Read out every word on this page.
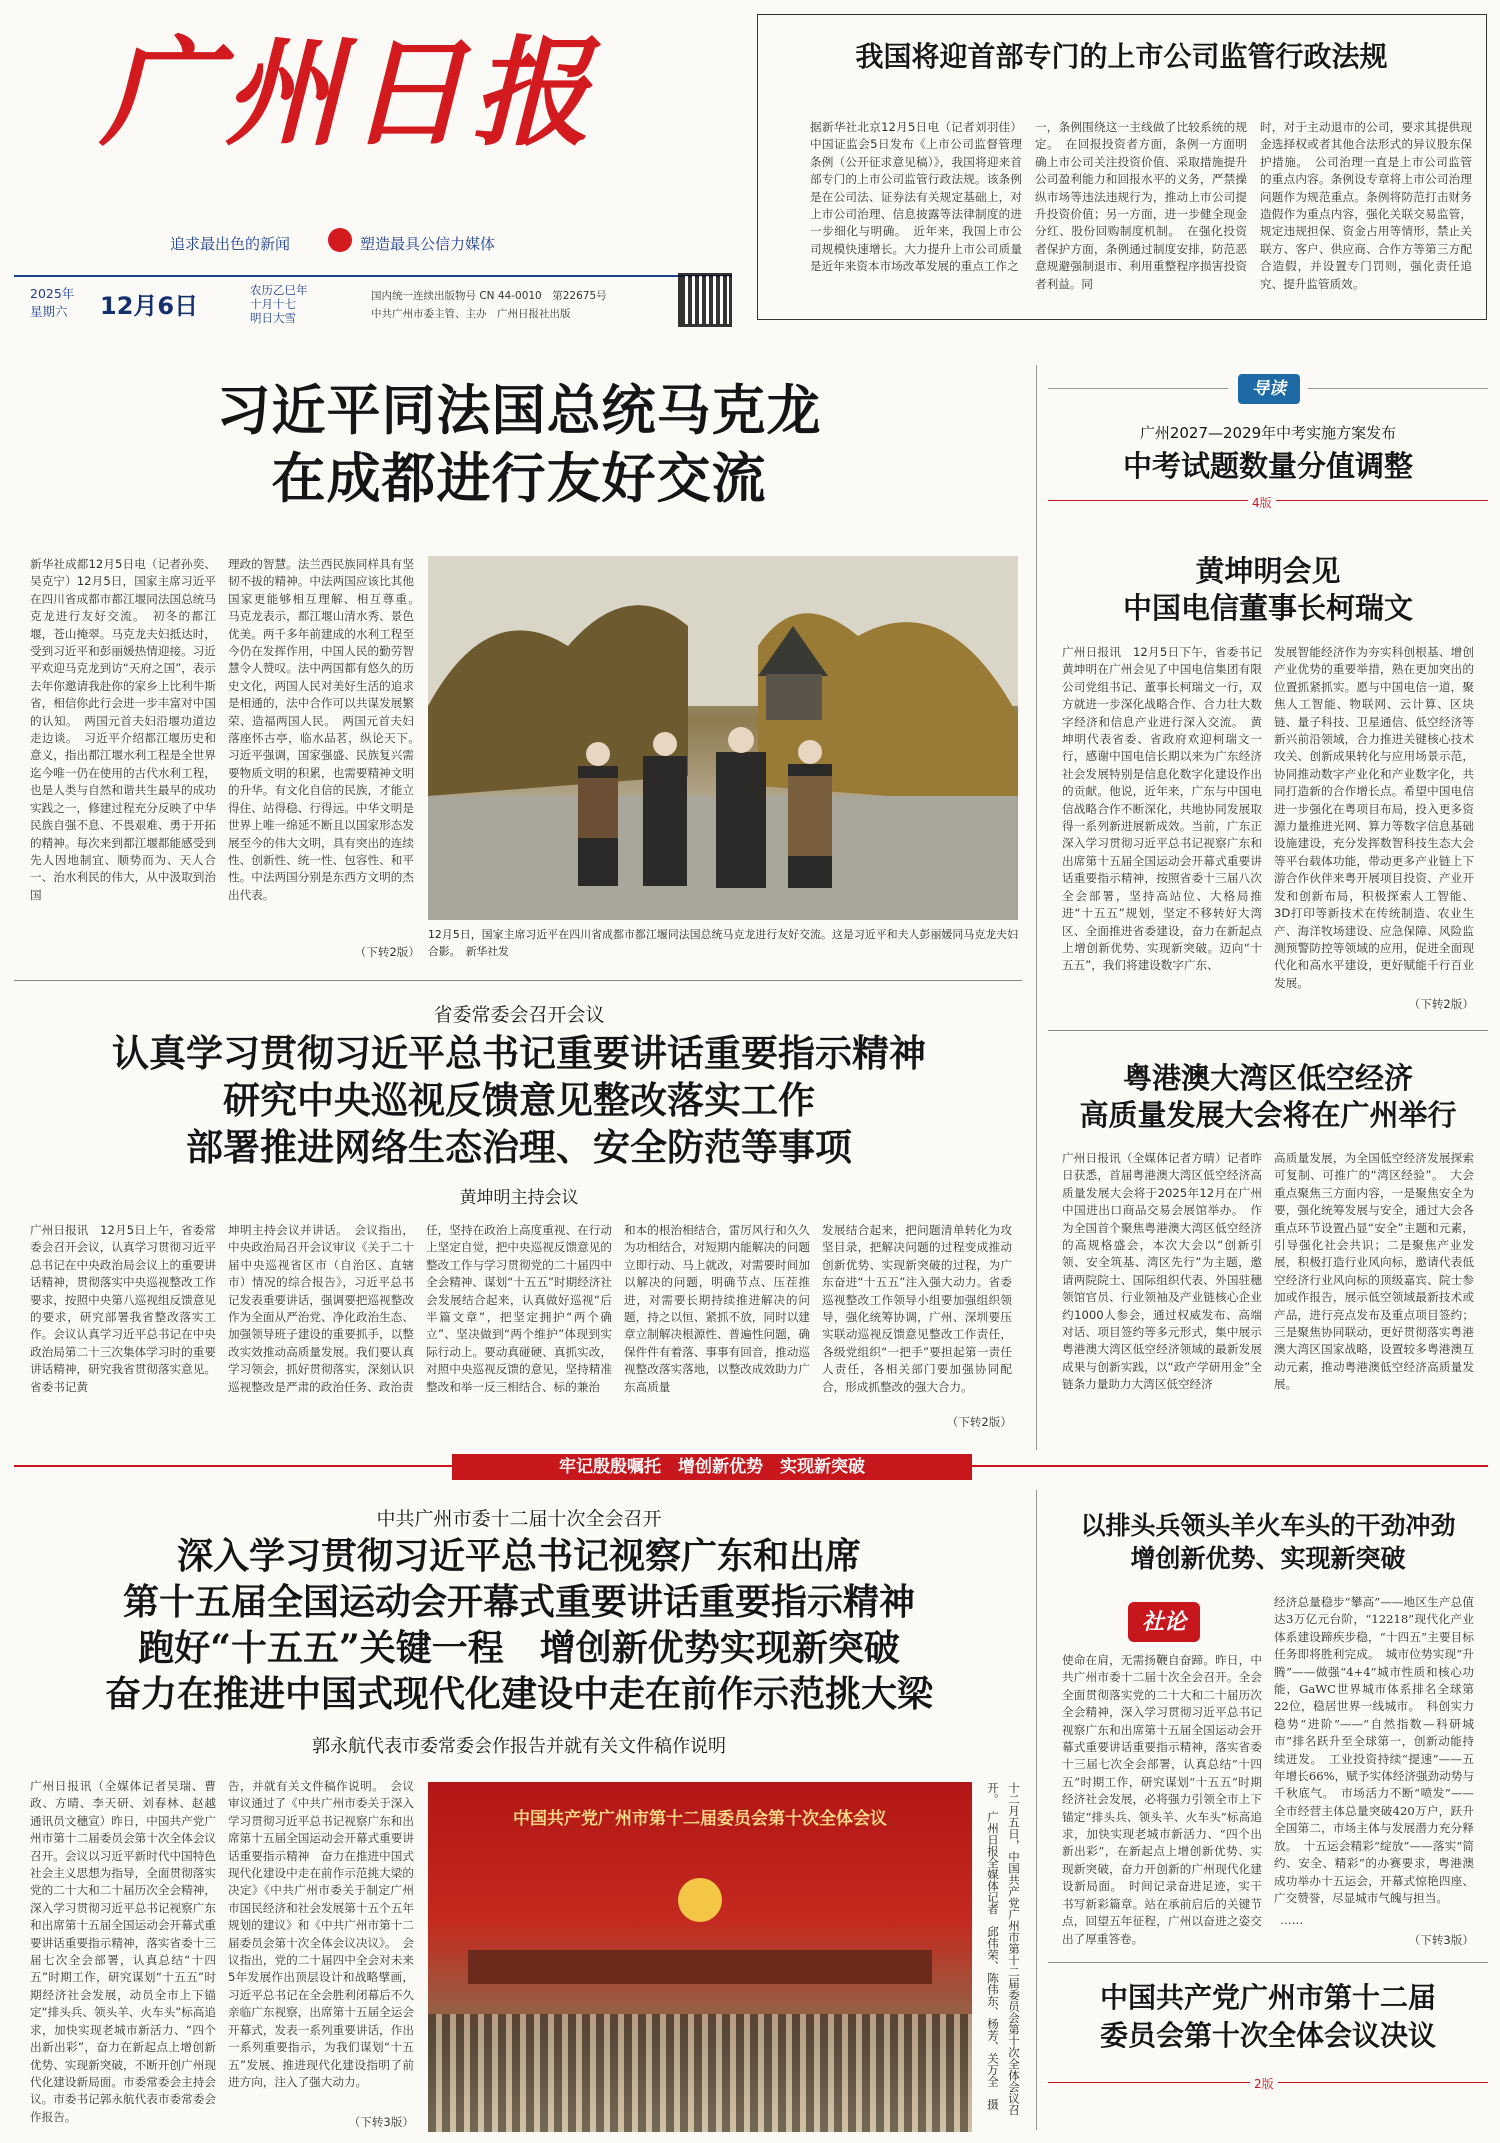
广州日报
追求最出色的新闻	塑造最具公信力媒体
2025年
星期六 12月6日
农历乙巳年
十月十七
明日大雪
国内统一连续出版物号 CN 44-0010　第22675号
中共广州市委主管、主办　广州日报社出版
我国将迎首部专门的上市公司监管行政法规
据新华社北京12月5日电（记者刘羽佳）中国证监会5日发布《上市公司监督管理条例（公开征求意见稿）》，我国将迎来首部专门的上市公司监管行政法规。该条例是在公司法、证券法有关规定基础上，对上市公司治理、信息披露等法律制度的进一步细化与明确。　近年来，我国上市公司规模快速增长。大力提升上市公司质量是近年来资本市场改革发展的重点工作之
一，条例围绕这一主线做了比较系统的规定。　在回报投资者方面，条例一方面明确上市公司关注投资价值、采取措施提升公司盈利能力和回报水平的义务，严禁操纵市场等违法违规行为，推动上市公司提升投资价值；另一方面，进一步健全现金分红、股份回购制度机制。　在强化投资者保护方面，条例通过制度安排，防范恶意规避强制退市、利用重整程序损害投资者利益。同
时，对于主动退市的公司，要求其提供现金选择权或者其他合法形式的异议股东保护措施。　公司治理一直是上市公司监管的重点内容。条例设专章将上市公司治理问题作为规范重点。条例将防范打击财务造假作为重点内容，强化关联交易监管，规定违规担保、资金占用等情形，禁止关联方、客户、供应商、合作方等第三方配合造假，并设置专门罚则，强化责任追究、提升监管质效。
习近平同法国总统马克龙
在成都进行友好交流
新华社成都12月5日电（记者孙奕、吴克宁）12月5日，国家主席习近平在四川省成都市都江堰同法国总统马克龙进行友好交流。　初冬的都江堰，苍山掩翠。马克龙夫妇抵达时，受到习近平和彭丽媛热情迎接。习近平欢迎马克龙到访“天府之国”，表示去年你邀请我赴你的家乡上比利牛斯省，相信你此行会进一步丰富对中国的认知。　两国元首夫妇沿堰功道边走边谈。　习近平介绍都江堰历史和意义，指出都江堰水利工程是全世界迄今唯一仍在使用的古代水利工程，也是人类与自然和谐共生最早的成功实践之一，修建过程充分反映了中华民族自强不息、不畏艰难、勇于开拓的精神。每次来到都江堰都能感受到先人因地制宜、顺势而为、天人合一、治水利民的伟大，从中汲取到治国
理政的智慧。法兰西民族同样具有坚韧不拔的精神。中法两国应该比其他国家更能够相互理解、相互尊重。　马克龙表示，都江堰山清水秀、景色优美。两千多年前建成的水利工程至今仍在发挥作用，中国人民的勤劳智慧令人赞叹。法中两国都有悠久的历史文化，两国人民对美好生活的追求是相通的，法中合作可以共谋发展繁荣、造福两国人民。　两国元首夫妇落座怀古亭，临水品茗，纵论天下。　习近平强调，国家强盛、民族复兴需要物质文明的积累，也需要精神文明的升华。有文化自信的民族，才能立得住、站得稳、行得远。中华文明是世界上唯一绵延不断且以国家形态发展至今的伟大文明，具有突出的连续性、创新性、统一性、包容性、和平性。中法两国分别是东西方文明的杰出代表。
（下转2版）
12月5日，国家主席习近平在四川省成都市都江堰同法国总统马克龙进行友好交流。这是习近平和夫人彭丽媛同马克龙夫妇合影。　新华社发
导读
广州2027—2029年中考实施方案发布
中考试题数量分值调整
4版
黄坤明会见
中国电信董事长柯瑞文
广州日报讯　12月5日下午，省委书记黄坤明在广州会见了中国电信集团有限公司党组书记、董事长柯瑞文一行，双方就进一步深化战略合作、合力壮大数字经济和信息产业进行深入交流。　黄坤明代表省委、省政府欢迎柯瑞文一行，感谢中国电信长期以来为广东经济社会发展特别是信息化数字化建设作出的贡献。他说，近年来，广东与中国电信战略合作不断深化，共地协同发展取得一系列新进展新成效。当前，广东正深入学习贯彻习近平总书记视察广东和出席第十五届全国运动会开幕式重要讲话重要指示精神，按照省委十三届八次全会部署，坚持高站位、大格局推进“十五五”规划，坚定不移转好大湾区、全面推进省委建设，奋力在新起点上增创新优势、实现新突破。迈向“十五五”，我们将建设数字广东、
发展智能经济作为夯实科创根基、增创产业优势的重要举措，熟在更加突出的位置抓紧抓实。愿与中国电信一道，聚焦人工智能、物联网、云计算、区块链、量子科技、卫星通信、低空经济等新兴前沿领域，合力推进关键核心技术攻关、创新成果转化与应用场景示范，协同推动数字产业化和产业数字化，共同打造新的合作增长点。希望中国电信进一步强化在粤项目布局，投入更多资源力量推进光网、算力等数字信息基础设施建设，充分发挥数智科技生态大会等平台载体功能，带动更多产业链上下游合作伙伴来粤开展项目投资、产业开发和创新布局，积极探索人工智能、3D打印等新技术在传统制造、农业生产、海洋牧场建设、应急保障、风险监测预警防控等领域的应用，促进全面现代化和高水平建设，更好赋能千行百业发展。
（下转2版）
省委常委会召开会议
认真学习贯彻习近平总书记重要讲话重要指示精神
研究中央巡视反馈意见整改落实工作
部署推进网络生态治理、安全防范等事项
黄坤明主持会议
广州日报讯　12月5日上午，省委常委会召开会议，认真学习贯彻习近平总书记在中央政治局会议上的重要讲话精神，贯彻落实中央巡视整改工作要求，按照中央第八巡视组反馈意见的要求，研究部署我省整改落实工作。会议认真学习近平总书记在中央政治局第二十三次集体学习时的重要讲话精神，研究我省贯彻落实意见。省委书记黄
坤明主持会议并讲话。　会议指出，中央政治局召开会议审议《关于二十届中央巡视省区市（自治区、直辖市）情况的综合报告》，习近平总书记发表重要讲话，强调要把巡视整改作为全面从严治党、净化政治生态、加强领导班子建设的重要抓手，以整改实效推动高质量发展。我们要认真学习领会，抓好贯彻落实，深刻认识巡视整改是严肃的政治任务、政治责
任，坚持在政治上高度重视、在行动上坚定自觉，把中央巡视反馈意见的整改工作与学习贯彻党的二十届四中全会精神、谋划“十五五”时期经济社会发展结合起来，认真做好巡视“后半篇文章”，把坚定拥护“两个确立”、坚决做到“两个维护”体现到实际行动上。要动真碰硬、真抓实改，对照中央巡视反馈的意见，坚持精准整改和举一反三相结合、标的兼治
和本的根治相结合，雷厉风行和久久为功相结合，对短期内能解决的问题立即行动、马上就改，对需要时间加以解决的问题，明确节点、压茬推进，对需要长期持续推进解决的问题，持之以恒、紧抓不放，同时以建章立制解决根源性、普遍性问题，确保件件有着落、事事有回音，推动巡视整改落实落地，以整改成效助力广东高质量
发展结合起来，把问题清单转化为攻坚目录，把解决问题的过程变成推动创新优势、实现新突破的过程，为广东奋进“十五五”注入强大动力。省委巡视整改工作领导小组要加强组织领导，强化统筹协调，广州、深圳要压实联动巡视反馈意见整改工作责任，各级党组织“一把手”要担起第一责任人责任，各相关部门要加强协同配合，形成抓整改的强大合力。
（下转2版）
粤港澳大湾区低空经济
高质量发展大会将在广州举行
广州日报讯（全媒体记者方晴）记者昨日获悉，首届粤港澳大湾区低空经济高质量发展大会将于2025年12月在广州中国进出口商品交易会展馆举办。　作为全国首个聚焦粤港澳大湾区低空经济的高规格盛会，本次大会以“创新引领、安全筑基、湾区先行”为主题，邀请两院院士、国际组织代表、外国驻穗领馆官员、行业领袖及产业链核心企业约1000人参会，通过权威发布、高端对话、项目签约等多元形式，集中展示粤港澳大湾区低空经济领域的最新发展成果与创新实践，以“政产学研用金”全链条力量助力大湾区低空经济
高质量发展，为全国低空经济发展探索可复制、可推广的“湾区经验”。　大会重点聚焦三方面内容，一是聚焦安全为要，强化统筹发展与安全，通过大会各重点环节设置凸显“安全”主题和元素，引导强化社会共识；二是聚焦产业发展，积极打造行业风向标，邀请代表低空经济行业风向标的顶级嘉宾、院士参加或作报告，展示低空领域最新技术或产品，进行亮点发布及重点项目签约；三是聚焦协同联动，更好贯彻落实粤港澳大湾区国家战略，设置较多粤港澳互动元素，推动粤港澳低空经济高质量发展。
牢记殷殷嘱托　增创新优势　实现新突破
中共广州市委十二届十次全会召开
深入学习贯彻习近平总书记视察广东和出席
第十五届全国运动会开幕式重要讲话重要指示精神
跑好“十五五”关键一程　增创新优势实现新突破
奋力在推进中国式现代化建设中走在前作示范挑大梁
郭永航代表市委常委会作报告并就有关文件稿作说明
广州日报讯（全媒体记者吴瑞、曹政、方晴、李天研、刘春林、赵越　通讯员文穗宣）昨日，中国共产党广州市第十二届委员会第十次全体会议召开。会议以习近平新时代中国特色社会主义思想为指导，全面贯彻落实党的二十大和二十届历次全会精神，深入学习贯彻习近平总书记视察广东和出席第十五届全国运动会开幕式重要讲话重要指示精神，落实省委十三届七次全会部署，认真总结“十四五”时期工作，研究谋划“十五五”时期经济社会发展，动员全市上下锚定“排头兵、领头羊、火车头”标高追求，加快实现老城市新活力、“四个出新出彩”，奋力在新起点上增创新优势、实现新突破，不断开创广州现代化建设新局面。市委常委会主持会议。市委书记郭永航代表市委常委会作报告。
告，并就有关文件稿作说明。　会议审议通过了《中共广州市委关于深入学习贯彻习近平总书记视察广东和出席第十五届全国运动会开幕式重要讲话重要指示精神　奋力在推进中国式现代化建设中走在前作示范挑大梁的决定》《中共广州市委关于制定广州市国民经济和社会发展第十五个五年规划的建议》和《中共广州市第十二届委员会第十次全体会议决议》。　会议指出，党的二十届四中全会对未来5年发展作出顶层设计和战略擘画，习近平总书记在全会胜利闭幕后不久亲临广东视察，出席第十五届全运会开幕式，发表一系列重要讲话，作出一系列重要指示，为我们谋划“十五五”发展、推进现代化建设指明了前进方向，注入了强大动力。
（下转3版）
中国共产党广州市第十二届委员会第十次全体会议	十二月五日，中国共产党广州市第十二届委员会第十次全体会议召开。　广州日报全媒体记者　邱伟荣、陈伟东、杨芳、关万全　摄
以排头兵领头羊火车头的干劲冲劲
增创新优势、实现新突破
社论
使命在肩，无需扬鞭自奋蹄。昨日，中共广州市委十二届十次全会召开。全会全面贯彻落实党的二十大和二十届历次全会精神，深入学习贯彻习近平总书记视察广东和出席第十五届全国运动会开幕式重要讲话重要指示精神，落实省委十三届七次全会部署，认真总结“十四五”时期工作，研究谋划“十五五”时期经济社会发展，必将强力引领全市上下锚定“排头兵、领头羊、火车头”标高追求，加快实现老城市新活力、“四个出新出彩”，在新起点上增创新优势、实现新突破，奋力开创新的广州现代化建设新局面。　时间记录奋进足迹，实干书写新彩篇章。站在承前启后的关键节点，回望五年征程，广州以奋进之姿交出了厚重答卷。
经济总量稳步“攀高”——地区生产总值达3万亿元台阶，“12218”现代化产业体系建设蹄疾步稳，“十四五”主要目标任务即将胜利完成。　城市位势实现“升腾”——做强“4+4”城市性质和核心功能，GaWC世界城市体系排名全球第22位，稳居世界一线城市。　科创实力稳势“进阶”——“自然指数—科研城市”排名跃升至全球第一，创新动能持续迸发。　工业投资持续“提速”——五年增长66%，赋予实体经济强劲动势与千秋底气。　市场活力不断“喷发”——全市经营主体总量突破420万户，跃升全国第二，市场主体与发展潜力充分释放。　十五运会精彩“绽放”——落实“简约、安全、精彩”的办赛要求，粤港澳成功举办十五运会，开幕式惊艳四座、广交赞誉，尽显城市气魄与担当。
……
（下转3版）
中国共产党广州市第十二届
委员会第十次全体会议决议
2版
